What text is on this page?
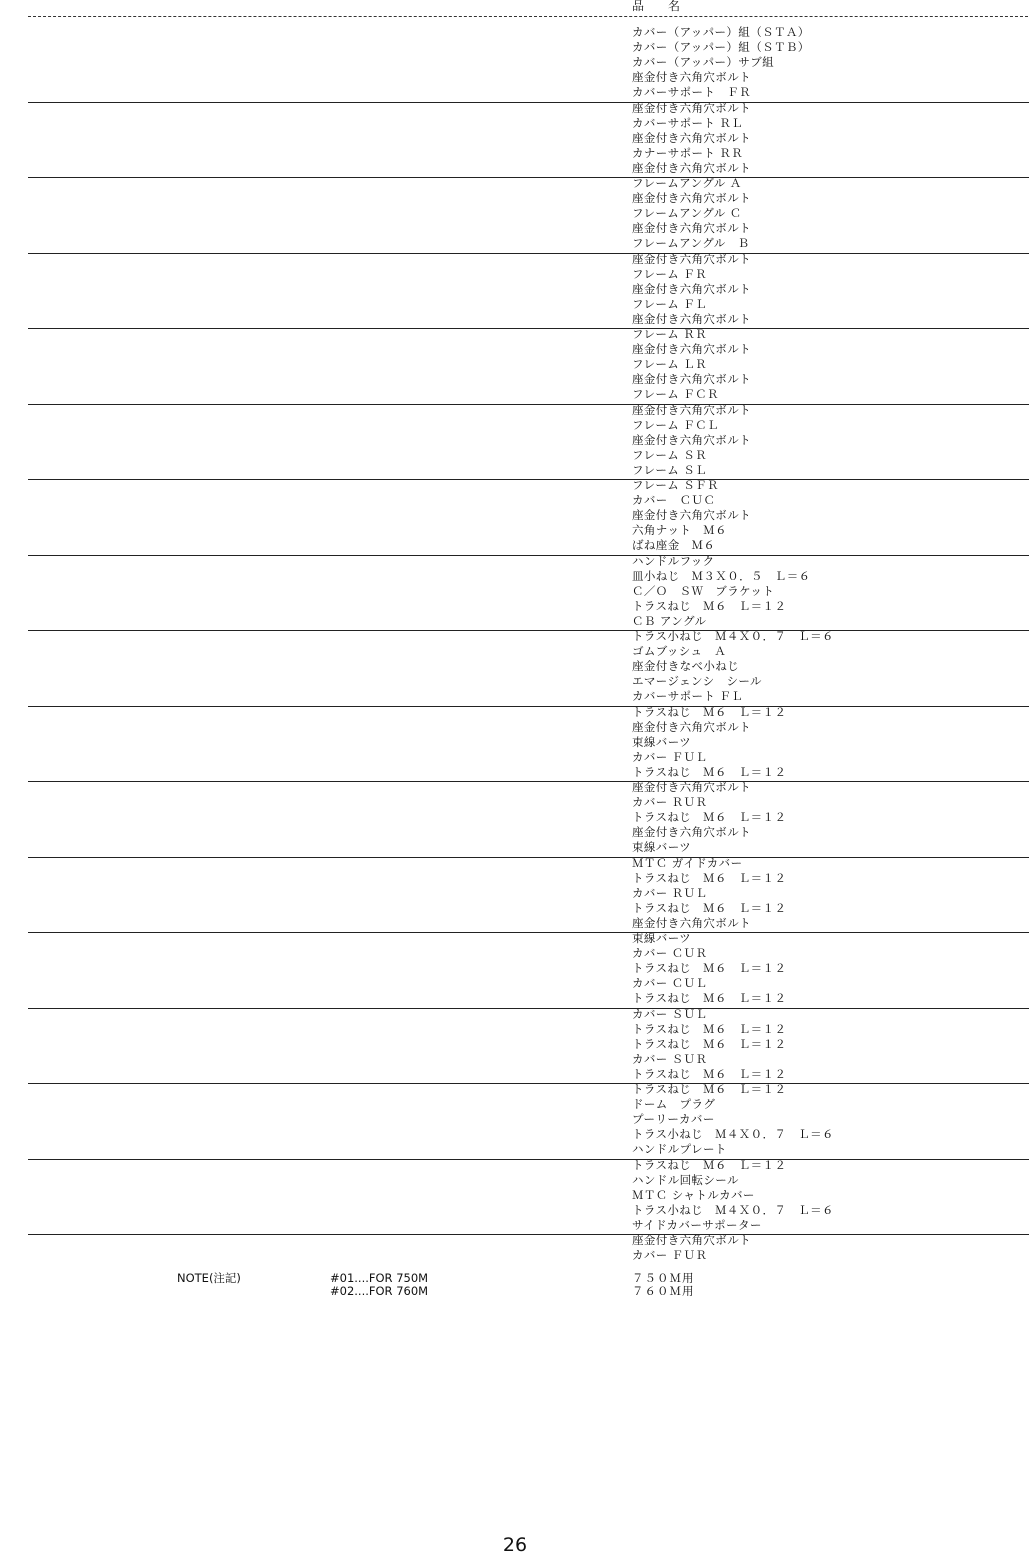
品　名
カバー（アッパー）組（ＳＴＡ）
カバー（アッパー）組（ＳＴＢ）
カバー（アッパー）サブ組
座金付き六角穴ボルト
カバーサポート　ＦＲ
座金付き六角穴ボルト
カバーサポート ＲＬ
座金付き六角穴ボルト
カナーサポート ＲＲ
座金付き六角穴ボルト
フレームアングル Ａ
座金付き六角穴ボルト
フレームアングル Ｃ
座金付き六角穴ボルト
フレームアングル　Ｂ
座金付き六角穴ボルト
フレーム ＦＲ
座金付き六角穴ボルト
フレーム ＦＬ
座金付き六角穴ボルト
フレーム ＲＲ
座金付き六角穴ボルト
フレーム ＬＲ
座金付き六角穴ボルト
フレーム ＦＣＲ
座金付き六角穴ボルト
フレーム ＦＣＬ
座金付き六角穴ボルト
フレーム ＳＲ
フレーム ＳＬ
フレーム ＳＦＲ
カバー　ＣＵＣ
座金付き六角穴ボルト
六角ナット　Ｍ６
ばね座金　Ｍ６
ハンドルフック
皿小ねじ　Ｍ３Ｘ０．５　Ｌ＝６
Ｃ／Ｏ　ＳＷ　ブラケット
トラスねじ　Ｍ６　Ｌ＝１２
ＣＢ アングル
トラス小ねじ　Ｍ４Ｘ０．７　Ｌ＝６
ゴムブッシュ　Ａ
座金付きなべ小ねじ
エマージェンシ　シール
カバーサポート ＦＬ
トラスねじ　Ｍ６　Ｌ＝１２
座金付き六角穴ボルト
束線バーツ
カバー ＦＵＬ
トラスねじ　Ｍ６　Ｌ＝１２
座金付き六角穴ボルト
カバー ＲＵＲ
トラスねじ　Ｍ６　Ｌ＝１２
座金付き六角穴ボルト
束線バーツ
ＭＴＣ ガイドカバー
トラスねじ　Ｍ６　Ｌ＝１２
カバー ＲＵＬ
トラスねじ　Ｍ６　Ｌ＝１２
座金付き六角穴ボルト
束線バーツ
カバー ＣＵＲ
トラスねじ　Ｍ６　Ｌ＝１２
カバー ＣＵＬ
トラスねじ　Ｍ６　Ｌ＝１２
カバー ＳＵＬ
トラスねじ　Ｍ６　Ｌ＝１２
トラスねじ　Ｍ６　Ｌ＝１２
カバー ＳＵＲ
トラスねじ　Ｍ６　Ｌ＝１２
トラスねじ　Ｍ６　Ｌ＝１２
ドーム　プラグ
プーリーカバー
トラス小ねじ　Ｍ４Ｘ０．７　Ｌ＝６
ハンドルプレート
トラスねじ　Ｍ６　Ｌ＝１２
ハンドル回転シール
ＭＴＣ シャトルカバー
トラス小ねじ　Ｍ４Ｘ０．７　Ｌ＝６
サイドカバーサポーター
座金付き六角穴ボルト
カバー ＦＵＲ
NOTE(注記)	#01....FOR 750M
#02....FOR 760M
７５０Ｍ用
７６０Ｍ用
26
